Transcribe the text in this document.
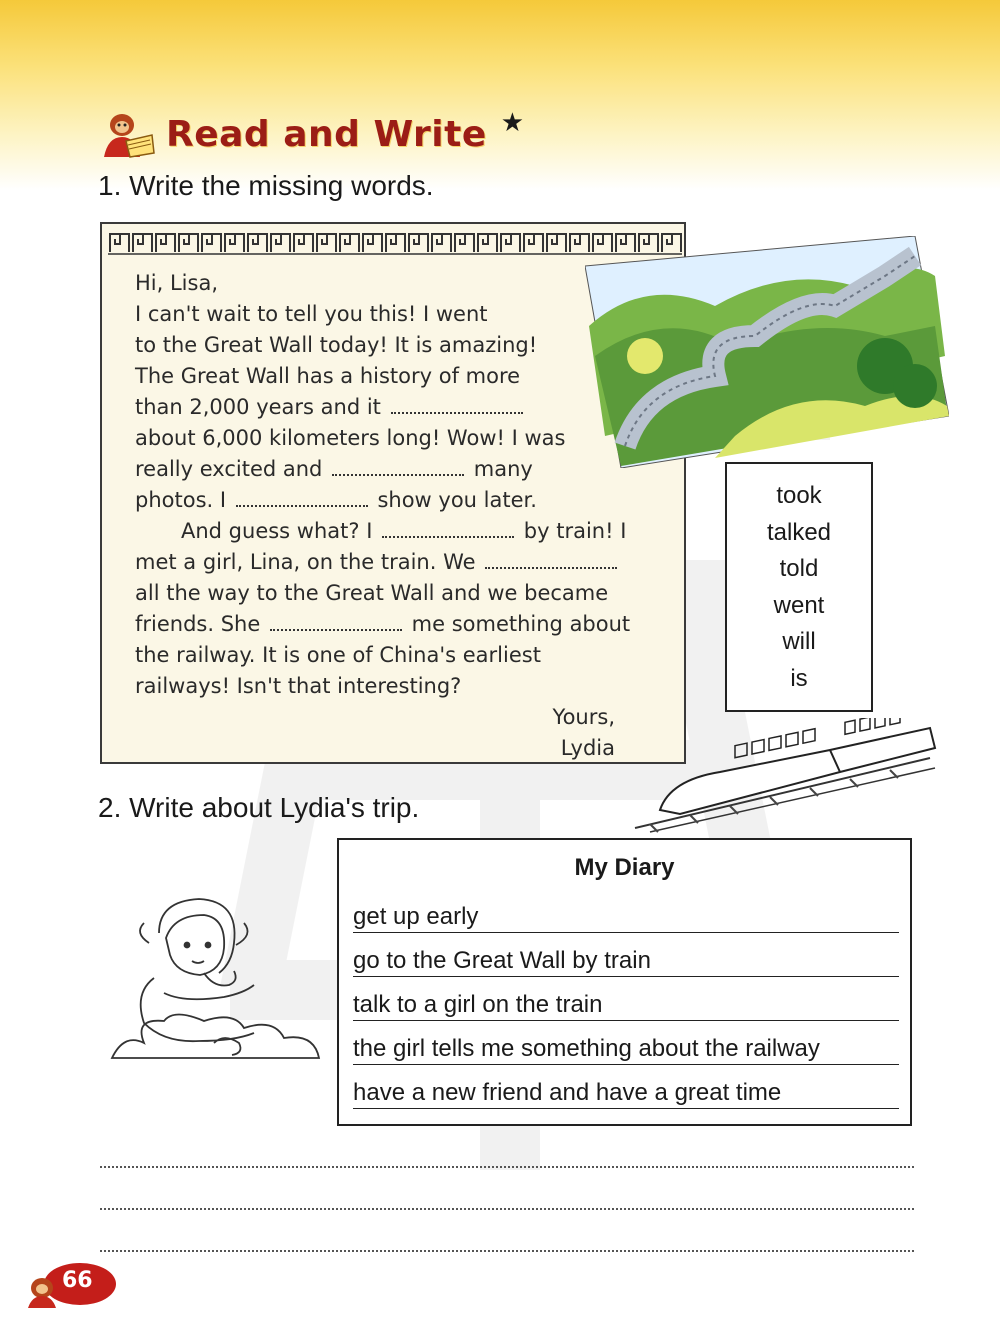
Read and Write ★
1. Write the missing words.
Hi, Lisa,
I can't wait to tell you this! I went
to the Great Wall today! It is amazing!
The Great Wall has a history of more
than 2,000 years and it
about 6,000 kilometers long! Wow! I was
really excited and	many
photos. I	show you later.
And guess what? I	by train! I
met a girl, Lina, on the train. We
all the way to the Great Wall and we became
friends. She	me something about
the railway. It is one of China's earliest
railways! Isn't that interesting?
Yours,
Lydia
took
talked
told
went
will
is
2. Write about Lydia's trip.
My Diary
get up early
go to the Great Wall by train
talk to a girl on the train
the girl tells me something about the railway
have a new friend and have a great time
66
